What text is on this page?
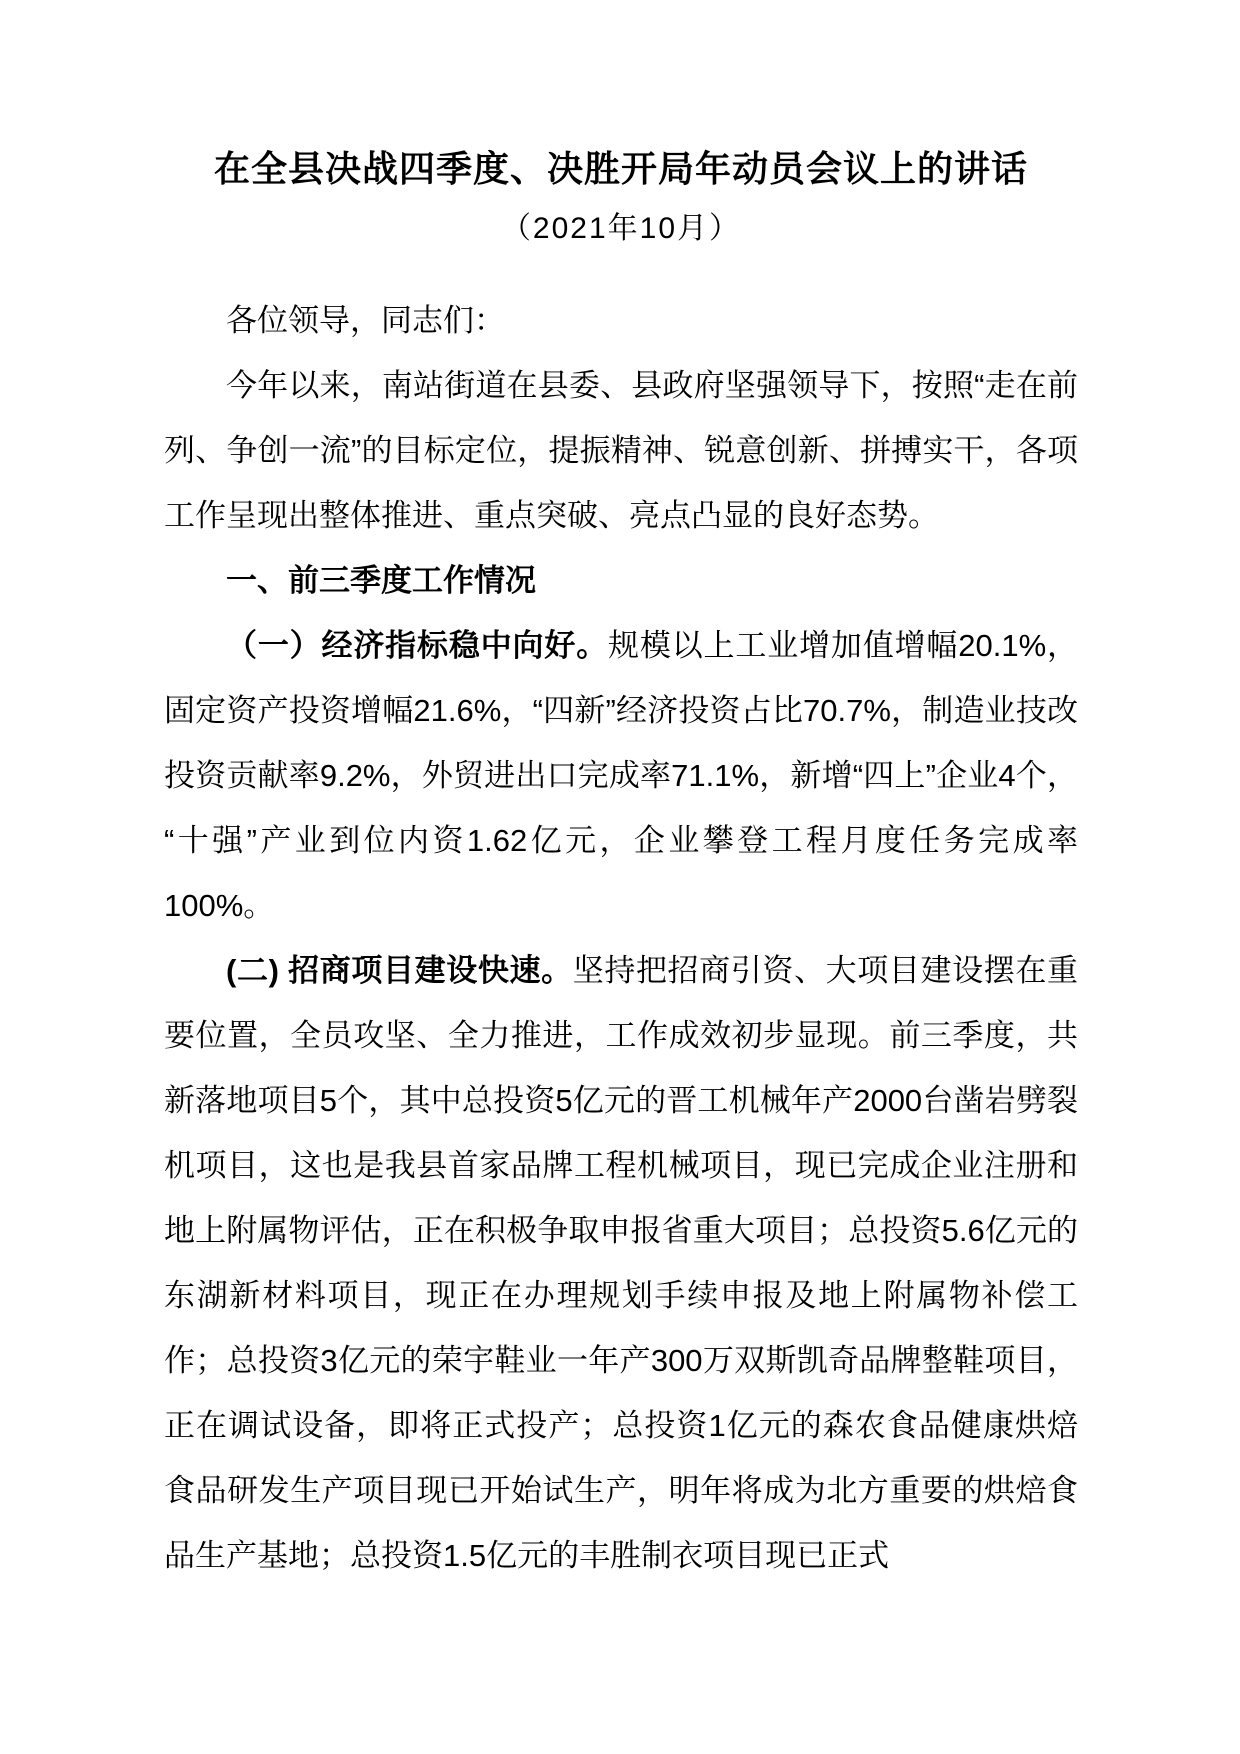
在全县决战四季度、决胜开局年动员会议上的讲话
（2021年10月）

各位领导，同志们：

今年以来，南站街道在县委、县政府坚强领导下，按照“走在前列、争创一流”的目标定位，提振精神、锐意创新、拼搏实干，各项工作呈现出整体推进、重点突破、亮点凸显的良好态势。

一、前三季度工作情况

（一）经济指标稳中向好。规模以上工业增加值增幅20.1%，固定资产投资增幅21.6%，“四新”经济投资占比70.7%，制造业技改投资贡献率9.2%，外贸进出口完成率71.1%，新增“四上”企业4个，“十强”产业到位内资1.62亿元，企业攀登工程月度任务完成率100%。

(二) 招商项目建设快速。坚持把招商引资、大项目建设摆在重要位置，全员攻坚、全力推进，工作成效初步显现。前三季度，共新落地项目5个，其中总投资5亿元的晋工机械年产2000台凿岩劈裂机项目，这也是我县首家品牌工程机械项目，现已完成企业注册和地上附属物评估，正在积极争取申报省重大项目；总投资5.6亿元的东湖新材料项目，现正在办理规划手续申报及地上附属物补偿工作；总投资3亿元的荣宇鞋业一年产300万双斯凯奇品牌整鞋项目，正在调试设备，即将正式投产；总投资1亿元的森农食品健康烘焙食品研发生产项目现已开始试生产，明年将成为北方重要的烘焙食品生产基地；总投资1.5亿元的丰胜制衣项目现已正式
